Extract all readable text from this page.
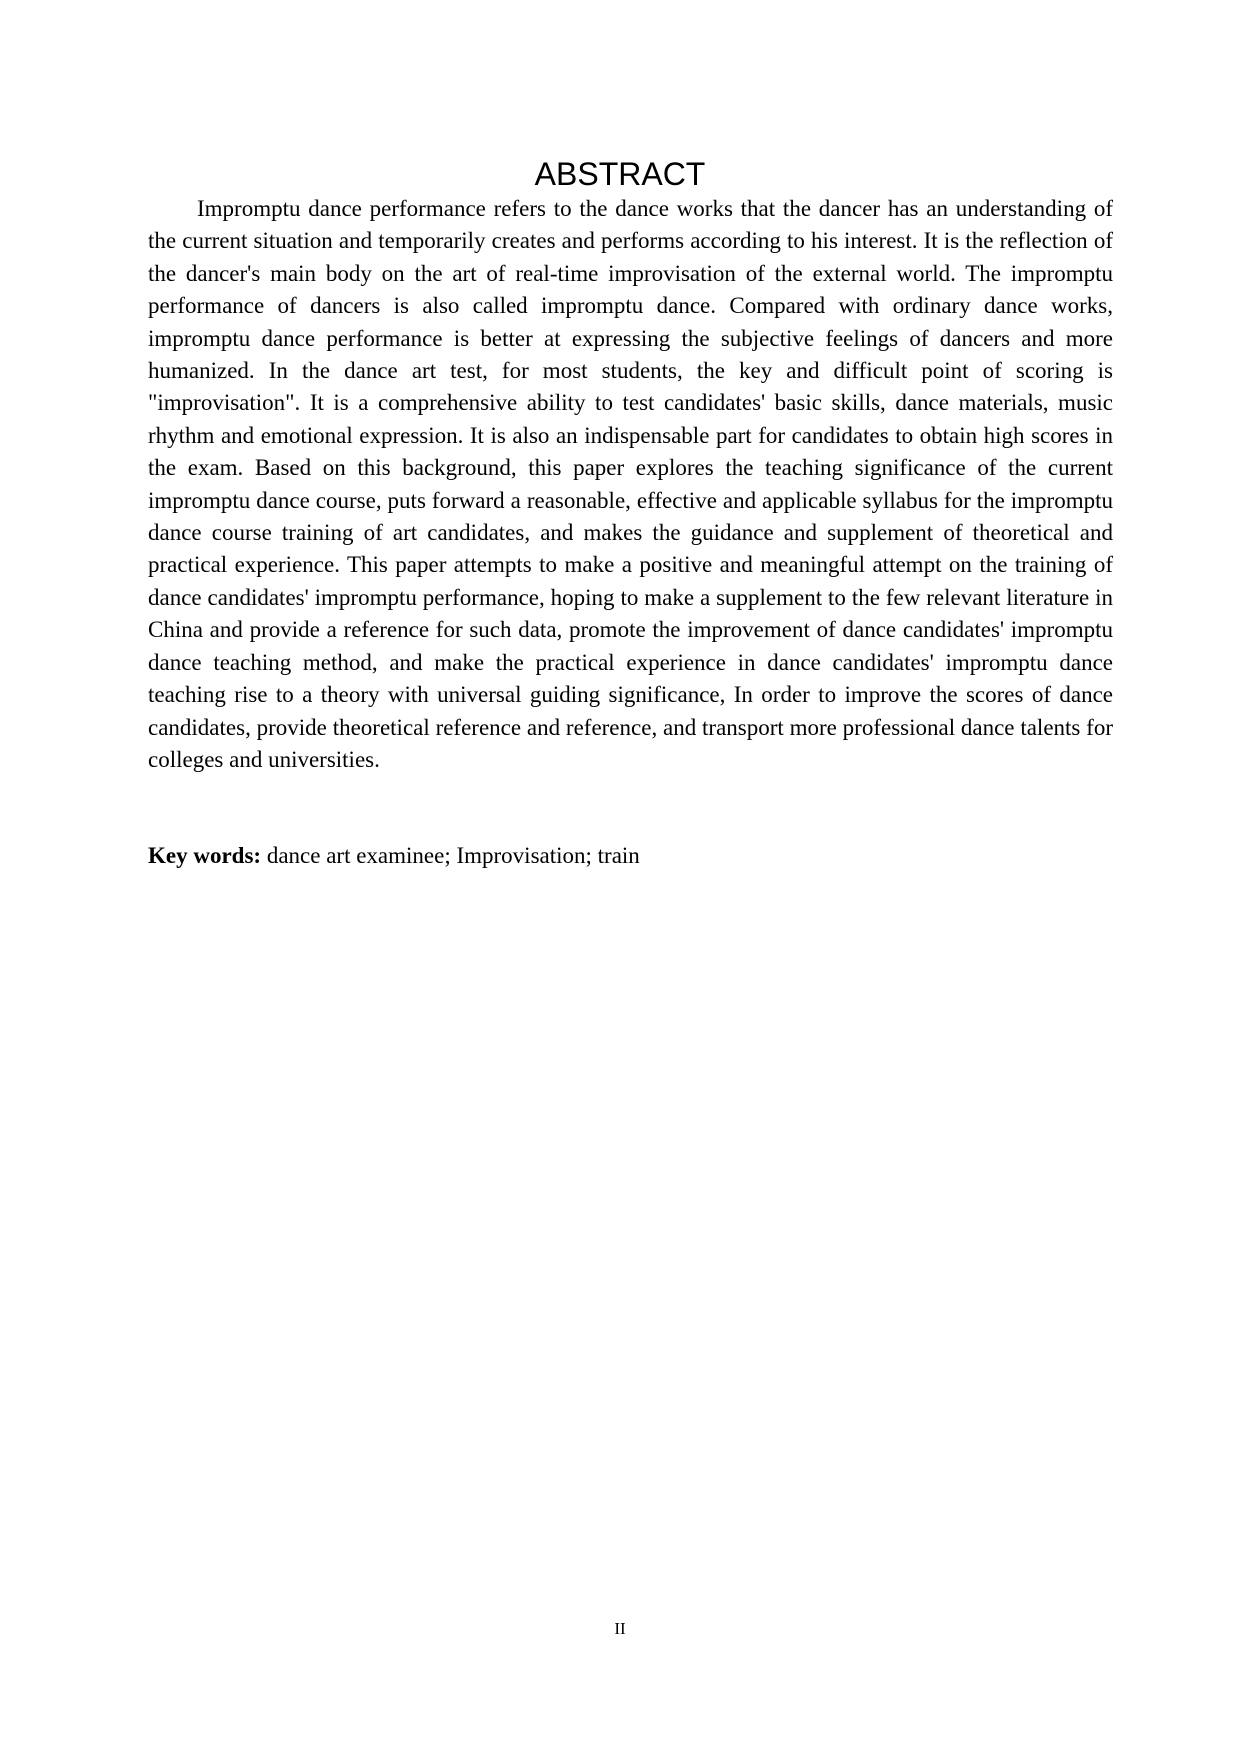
ABSTRACT

Impromptu dance performance refers to the dance works that the dancer has an understanding of the current situation and temporarily creates and performs according to his interest. It is the reflection of the dancer's main body on the art of real-time improvisation of the external world. The impromptu performance of dancers is also called impromptu dance. Compared with ordinary dance works, impromptu dance performance is better at expressing the subjective feelings of dancers and more humanized. In the dance art test, for most students, the key and difficult point of scoring is "improvisation". It is a comprehensive ability to test candidates' basic skills, dance materials, music rhythm and emotional expression. It is also an indispensable part for candidates to obtain high scores in the exam. Based on this background, this paper explores the teaching significance of the current impromptu dance course, puts forward a reasonable, effective and applicable syllabus for the impromptu dance course training of art candidates, and makes the guidance and supplement of theoretical and practical experience. This paper attempts to make a positive and meaningful attempt on the training of dance candidates' impromptu performance, hoping to make a supplement to the few relevant literature in China and provide a reference for such data, promote the improvement of dance candidates' impromptu dance teaching method, and make the practical experience in dance candidates' impromptu dance teaching rise to a theory with universal guiding significance, In order to improve the scores of dance candidates, provide theoretical reference and reference, and transport more professional dance talents for colleges and universities.

Key words: dance art examinee; Improvisation; train

II
